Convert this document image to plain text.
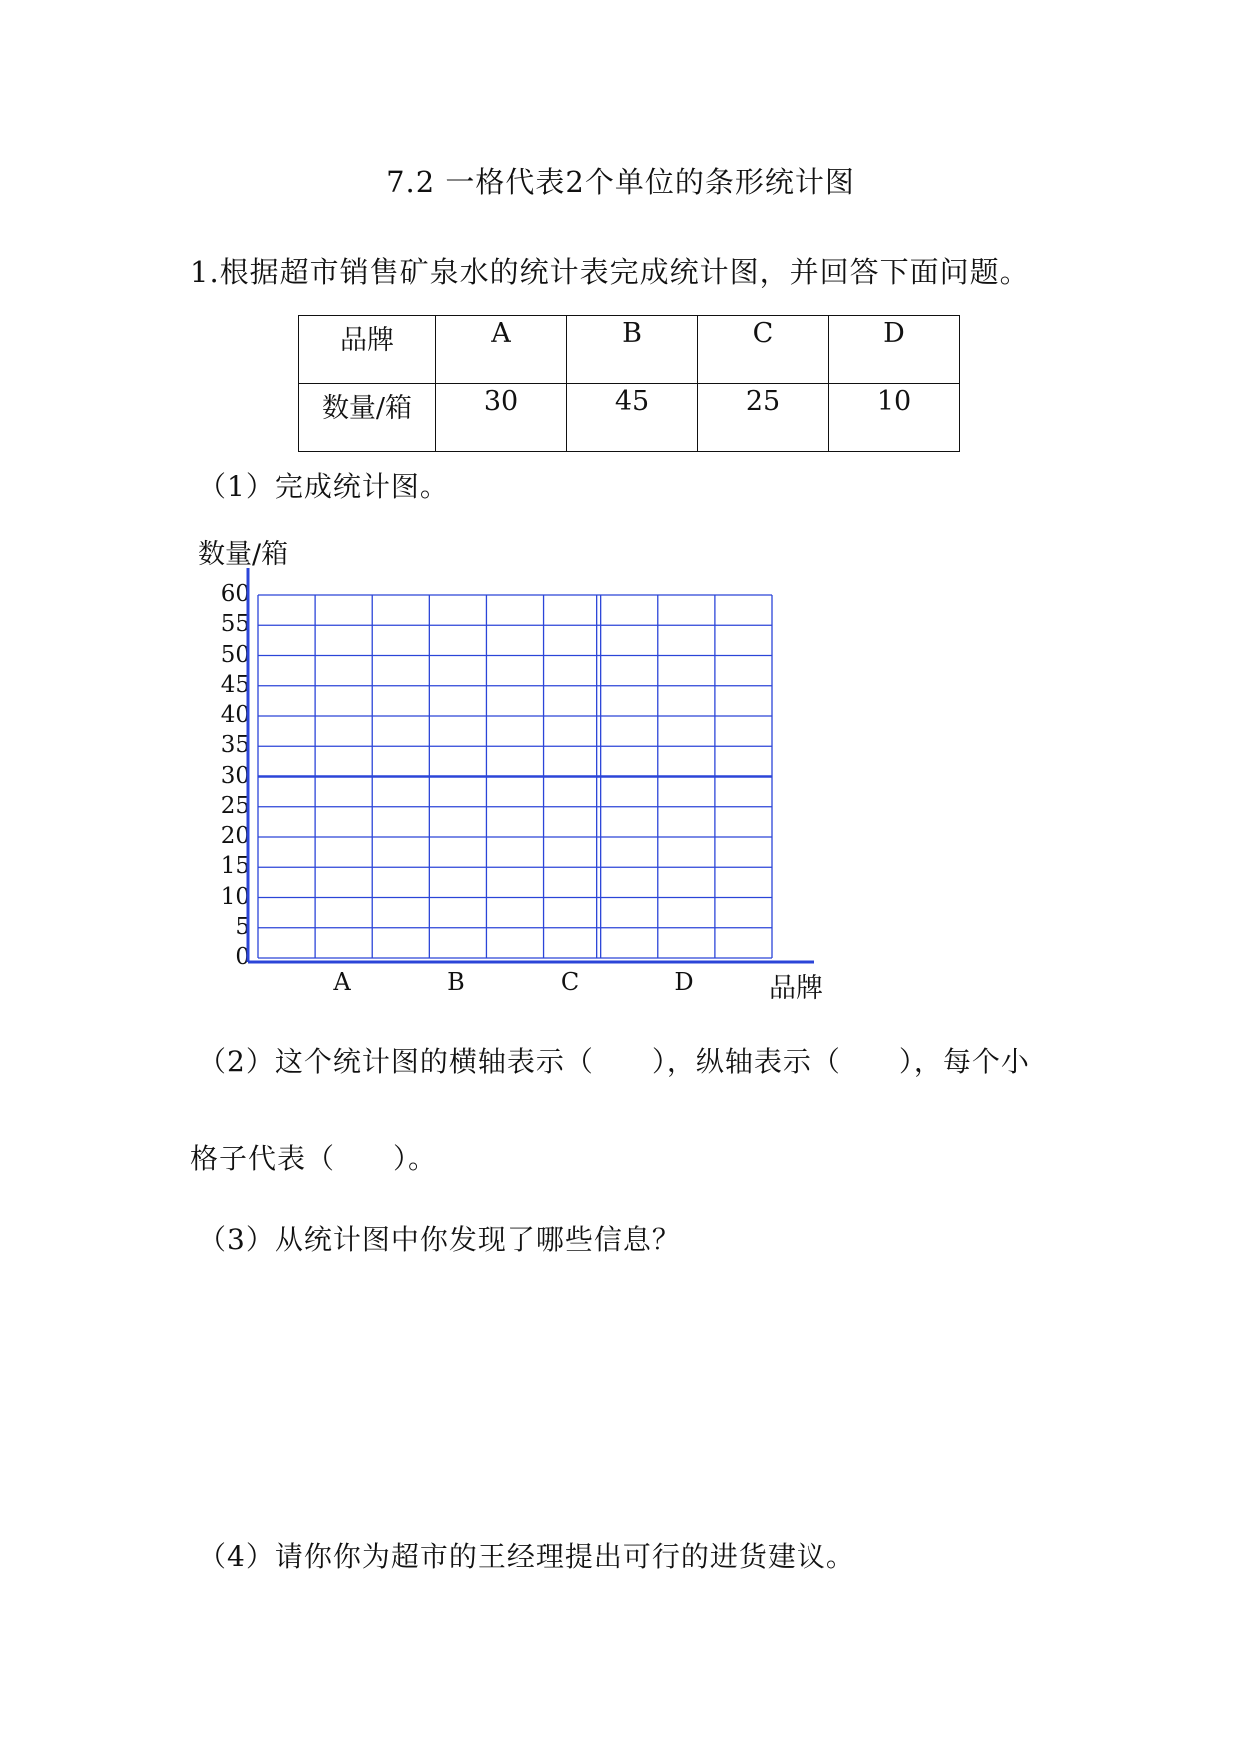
7.2 一格代表2个单位的条形统计图
1.根据超市销售矿泉水的统计表完成统计图，并回答下面问题。
品牌	A	B	C	D
数量/箱	30	45	25	10
（1）完成统计图。
数量/箱
品牌
60
55
50
45
40
35
30
25
20
15
10
5
0
A	B	C	D
（2）这个统计图的横轴表示（　　），纵轴表示（　　），每个小
格子代表（　　）。
（3）从统计图中你发现了哪些信息？
（4）请你你为超市的王经理提出可行的进货建议。
